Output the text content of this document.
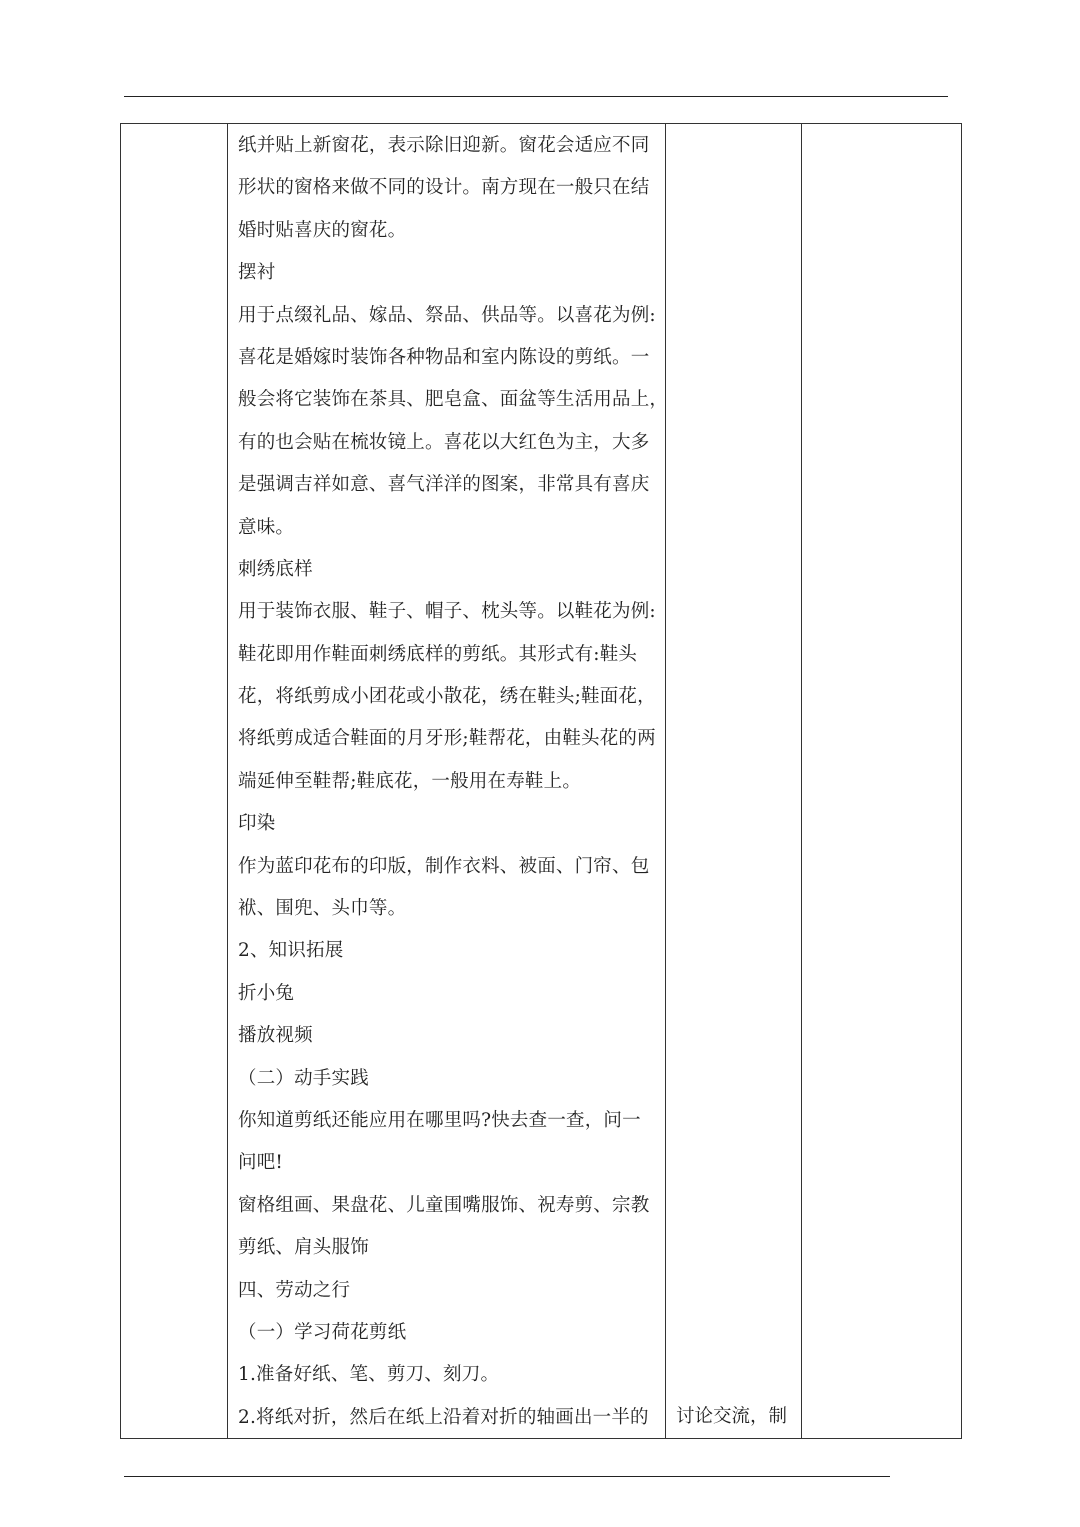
纸并贴上新窗花，表示除旧迎新。窗花会适应不同
形状的窗格来做不同的设计。南方现在一般只在结
婚时贴喜庆的窗花。
摆衬
用于点缀礼品、嫁品、祭品、供品等。以喜花为例:
喜花是婚嫁时装饰各种物品和室内陈设的剪纸。一
般会将它装饰在茶具、肥皂盒、面盆等生活用品上，
有的也会贴在梳妆镜上。喜花以大红色为主，大多
是强调吉祥如意、喜气洋洋的图案，非常具有喜庆
意味。
刺绣底样
用于装饰衣服、鞋子、帽子、枕头等。以鞋花为例:
鞋花即用作鞋面刺绣底样的剪纸。其形式有:鞋头
花，将纸剪成小团花或小散花，绣在鞋头;鞋面花，
将纸剪成适合鞋面的月牙形;鞋帮花，由鞋头花的两
端延伸至鞋帮;鞋底花，一般用在寿鞋上。
印染
作为蓝印花布的印版，制作衣料、被面、门帘、包
袱、围兜、头巾等。
2、知识拓展
折小兔
播放视频
（二）动手实践
你知道剪纸还能应用在哪里吗?快去查一查，问一
问吧!
窗格组画、果盘花、儿童围嘴服饰、祝寿剪、宗教
剪纸、肩头服饰
四、劳动之行
（一）学习荷花剪纸
1.准备好纸、笔、剪刀、刻刀。
2.将纸对折，然后在纸上沿着对折的轴画出一半的	讨论交流，制
